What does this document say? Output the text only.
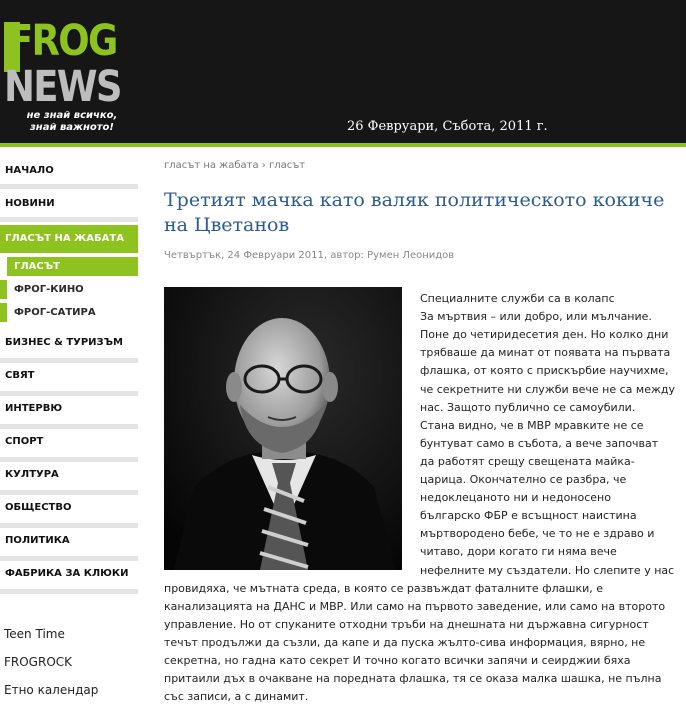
FROG
NEWS
не знай всичко,
знай важното!	26 Февруари, Събота, 2011 г.
НАЧАЛО
НОВИНИ
ГЛАСЪТ НА ЖАБАТА
ГЛАСЪТ
ФРОГ-КИНО
ФРОГ-САТИРА
БИЗНЕС & ТУРИЗЪМ
СВЯТ
ИНТЕРВЮ
СПОРТ
КУЛТУРА
ОБЩЕСТВО
ПОЛИТИКА
ФАБРИКА ЗА КЛЮКИ
Teen Time
FROGROCK
Етно календар
гласът на жабата › гласът
Третият мачка като валяк политическото кокиче
на Цветанов
Четвъртък, 24 Февруари 2011, автор: Румен Леонидов
Специалните служби са в колапс
За мъртвия – или добро, или мълчание.
Поне до четиридесетия ден. Но колко дни
трябваше да минат от появата на първата
флашка, от която с прискърбие научихме,
че секретните ни служби вече не са между
нас. Защото публично се самоубили.
Стана видно, че в МВР мравките не се
бунтуват само в събота, а вече започват
да работят срещу свещената майка-
царица. Окончателно се разбра, че
недоклецаното ни и недоносено
българско ФБР е всъщност наистина
мъртвородено бебе, че то не е здраво и
читаво, дори когато ги няма вече
нефелните му създатели. Но слепите у нас
провидяха, че мътната среда, в която се развъждат фаталните флашки, е
канализацията на ДАНС и МВР. Или само на първото заведение, или само на второто
управление. Но от спуканите отходни тръби на днешната ни държавна сигурност
течът продължи да съзли, да капе и да пуска жълто-сива информация, вярно, не
секретна, но гадна като секрет И точно когато всички запячи и сеирджии бяха
притаили дъх в очакване на поредната флашка, тя се оказа малка шашка, не пълна
със записи, а с динамит.
